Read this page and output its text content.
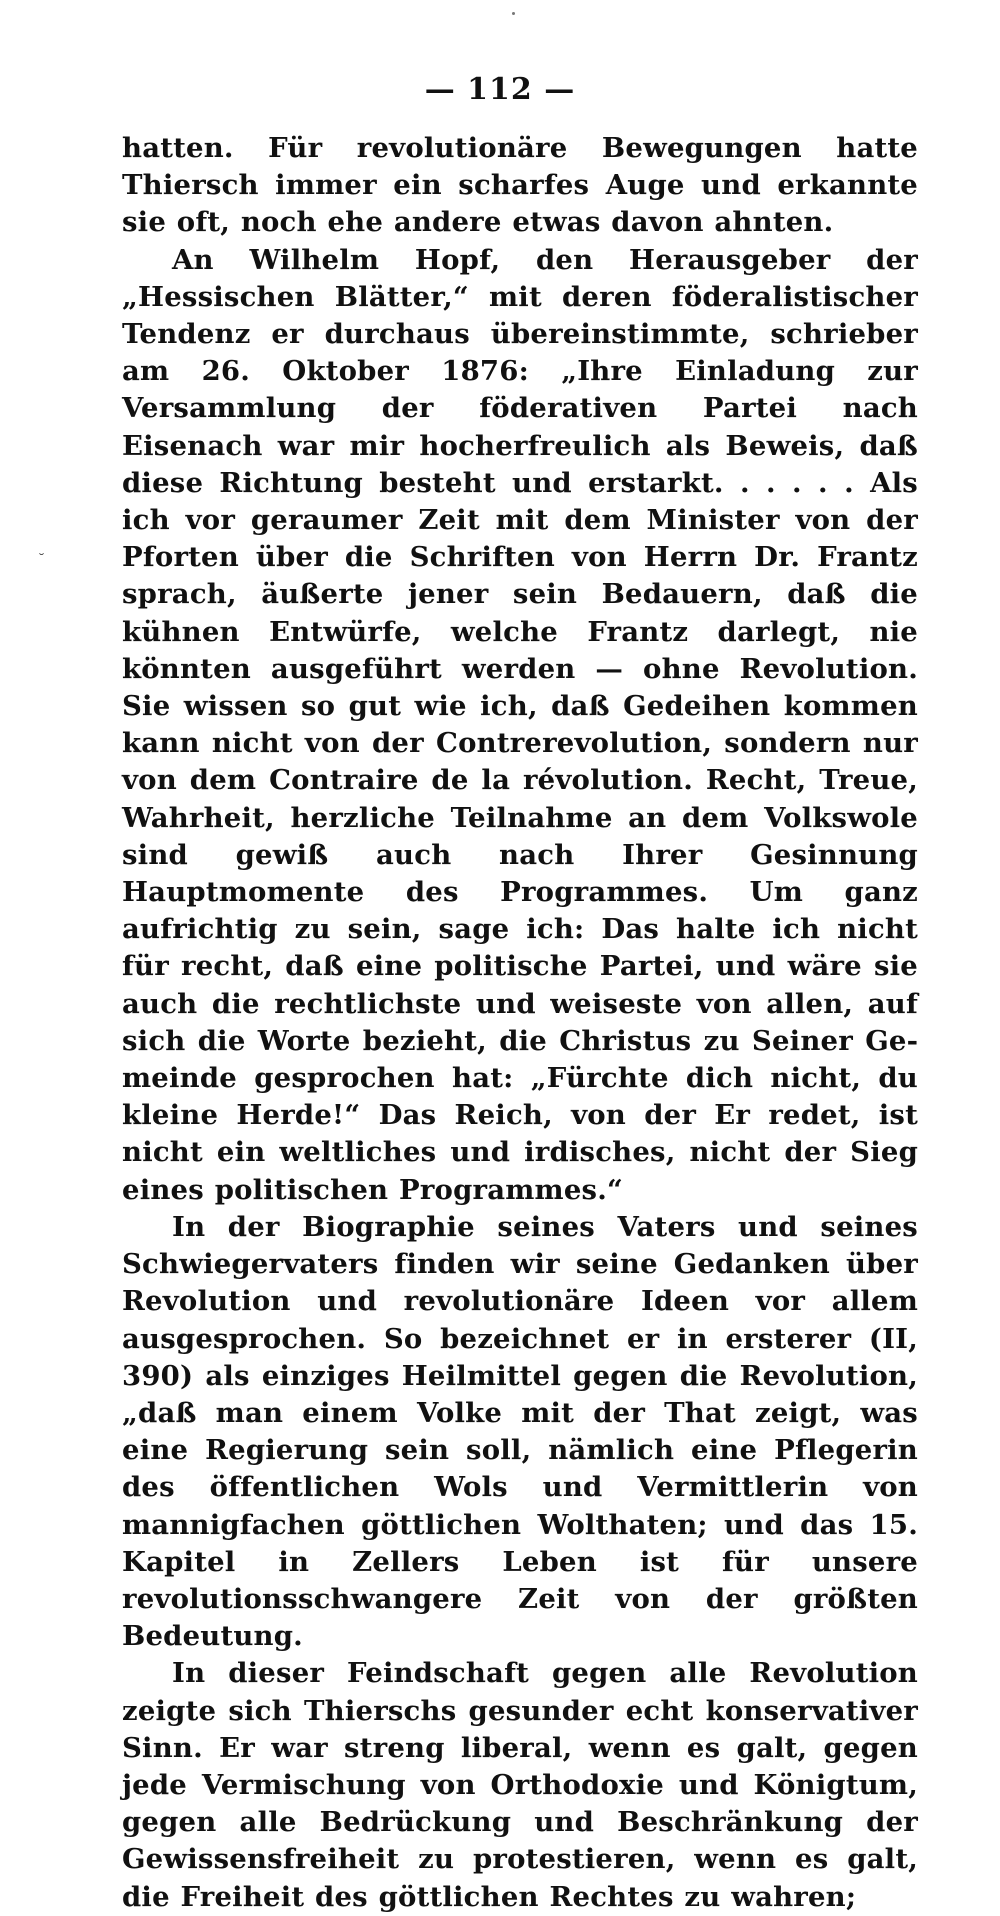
— 112 —
˘

hatten. Für revolutionäre Bewegungen hatte Thiersch immer ein scharfes Auge und erkannte sie oft, noch ehe andere etwas davon ahnten.

An Wilhelm Hopf, den Herausgeber der „Hessischen Blätter,“ mit deren föderalistischer Tendenz er durchaus übereinstimmte, schrieber am 26. Oktober 1876: „Ihre Einladung zur Versammlung der föderativen Partei nach Eisenach war mir hocherfreulich als Beweis, daß diese Richtung besteht und erstarkt. . . . . . Als ich vor geraumer Zeit mit dem Minister von der Pforten über die Schriften von Herrn Dr. Frantz sprach, äußerte jener sein Bedauern, daß die kühnen Entwürfe, welche Frantz darlegt, nie könnten ausgeführt werden — ohne Revolution. Sie wissen so gut wie ich, daß Gedeihen kommen kann nicht von der Contrerevolution, sondern nur von dem Contraire de la révolution. Recht, Treue, Wahrheit, herzliche Teilnahme an dem Volkswole sind gewiß auch nach Ihrer Gesinnung Hauptmomente des Programmes. Um ganz aufrichtig zu sein, sage ich: Das halte ich nicht für recht, daß eine politische Partei, und wäre sie auch die rechtlichste und weiseste von allen, auf sich die Worte bezieht, die Christus zu Seiner Gemeinde gesprochen hat: „Fürchte dich nicht, du kleine Herde!“ Das Reich, von der Er redet, ist nicht ein weltliches und irdisches, nicht der Sieg eines politischen Programmes.“

In der Biographie seines Vaters und seines Schwiegervaters finden wir seine Gedanken über Revolution und revolutionäre Ideen vor allem ausgesprochen. So bezeichnet er in ersterer (II, 390) als einziges Heilmittel gegen die Revolution, „daß man einem Volke mit der That zeigt, was eine Regierung sein soll, nämlich eine Pflegerin des öffentlichen Wols und Vermittlerin von mannigfachen göttlichen Wolthaten; und das 15. Kapitel in Zellers Leben ist für unsere revolutionsschwangere Zeit von der größten Bedeutung.

In dieser Feindschaft gegen alle Revolution zeigte sich Thierschs gesunder echt konservativer Sinn. Er war streng liberal, wenn es galt, gegen jede Vermischung von Orthodoxie und Königtum, gegen alle Bedrückung und Beschränkung der Gewissensfreiheit zu protestieren, wenn es galt, die Freiheit des göttlichen Rechtes zu wahren;
